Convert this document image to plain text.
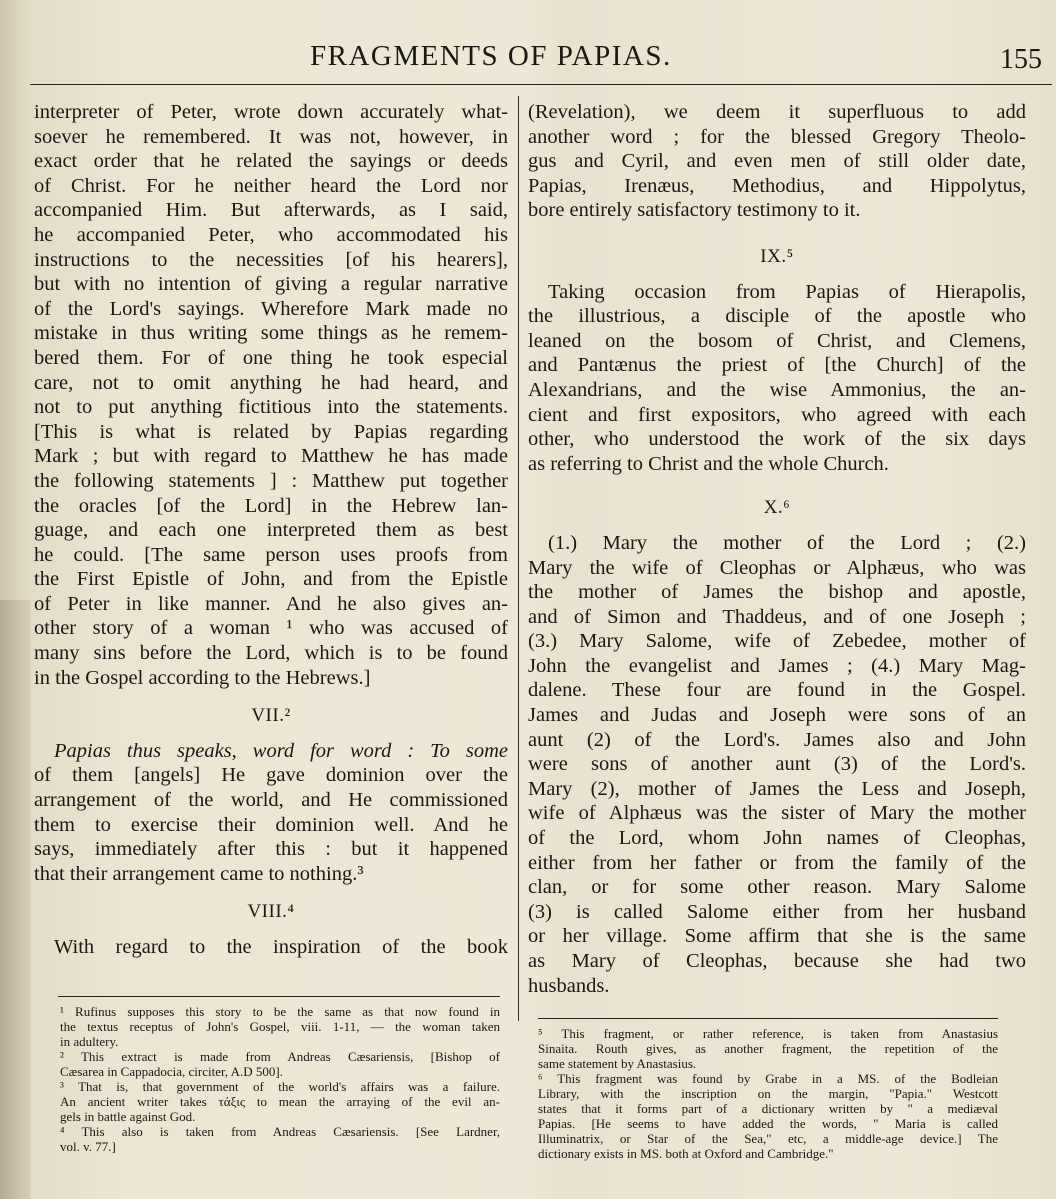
FRAGMENTS OF PAPIAS.	155
interpreter of Peter, wrote down accurately what-
soever he remembered. It was not, however, in
exact order that he related the sayings or deeds
of Christ. For he neither heard the Lord nor
accompanied Him. But afterwards, as I said,
he accompanied Peter, who accommodated his
instructions to the necessities [of his hearers],
but with no intention of giving a regular narrative
of the Lord's sayings. Wherefore Mark made no
mistake in thus writing some things as he remem-
bered them. For of one thing he took especial
care, not to omit anything he had heard, and
not to put anything fictitious into the statements.
[This is what is related by Papias regarding
Mark ; but with regard to Matthew he has made
the following statements ] : Matthew put together
the oracles [of the Lord] in the Hebrew lan-
guage, and each one interpreted them as best
he could. [The same person uses proofs from
the First Epistle of John, and from the Epistle
of Peter in like manner. And he also gives an-
other story of a woman ¹ who was accused of
many sins before the Lord, which is to be found
in the Gospel according to the Hebrews.]
VII.²
Papias thus speaks, word for word : To some
of them [angels] He gave dominion over the
arrangement of the world, and He commissioned
them to exercise their dominion well. And he
says, immediately after this : but it happened
that their arrangement came to nothing.³
VIII.⁴
With regard to the inspiration of the book
¹ Rufinus supposes this story to be the same as that now found in
the textus receptus of John's Gospel, viii. 1-11, — the woman taken
in adultery.
² This extract is made from Andreas Cæsariensis, [Bishop of
Cæsarea in Cappadocia, circiter, A.D 500].
³ That is, that government of the world's affairs was a failure.
An ancient writer takes τάξις to mean the arraying of the evil an-
gels in battle against God.
⁴ This also is taken from Andreas Cæsariensis. [See Lardner,
vol. v. 77.]
(Revelation), we deem it superfluous to add
another word ; for the blessed Gregory Theolo-
gus and Cyril, and even men of still older date,
Papias, Irenæus, Methodius, and Hippolytus,
bore entirely satisfactory testimony to it.
IX.⁵
Taking occasion from Papias of Hierapolis,
the illustrious, a disciple of the apostle who
leaned on the bosom of Christ, and Clemens,
and Pantænus the priest of [the Church] of the
Alexandrians, and the wise Ammonius, the an-
cient and first expositors, who agreed with each
other, who understood the work of the six days
as referring to Christ and the whole Church.
X.⁶
(1.) Mary the mother of the Lord ; (2.)
Mary the wife of Cleophas or Alphæus, who was
the mother of James the bishop and apostle,
and of Simon and Thaddeus, and of one Joseph ;
(3.) Mary Salome, wife of Zebedee, mother of
John the evangelist and James ; (4.) Mary Mag-
dalene. These four are found in the Gospel.
James and Judas and Joseph were sons of an
aunt (2) of the Lord's. James also and John
were sons of another aunt (3) of the Lord's.
Mary (2), mother of James the Less and Joseph,
wife of Alphæus was the sister of Mary the mother
of the Lord, whom John names of Cleophas,
either from her father or from the family of the
clan, or for some other reason. Mary Salome
(3) is called Salome either from her husband
or her village. Some affirm that she is the same
as Mary of Cleophas, because she had two
husbands.
⁵ This fragment, or rather reference, is taken from Anastasius
Sinaita. Routh gives, as another fragment, the repetition of the
same statement by Anastasius.
⁶ This fragment was found by Grabe in a MS. of the Bodleian
Library, with the inscription on the margin, "Papia." Westcott
states that it forms part of a dictionary written by " a mediæval
Papias. [He seems to have added the words, " Maria is called
Illuminatrix, or Star of the Sea," etc, a middle-age device.] The
dictionary exists in MS. both at Oxford and Cambridge."
